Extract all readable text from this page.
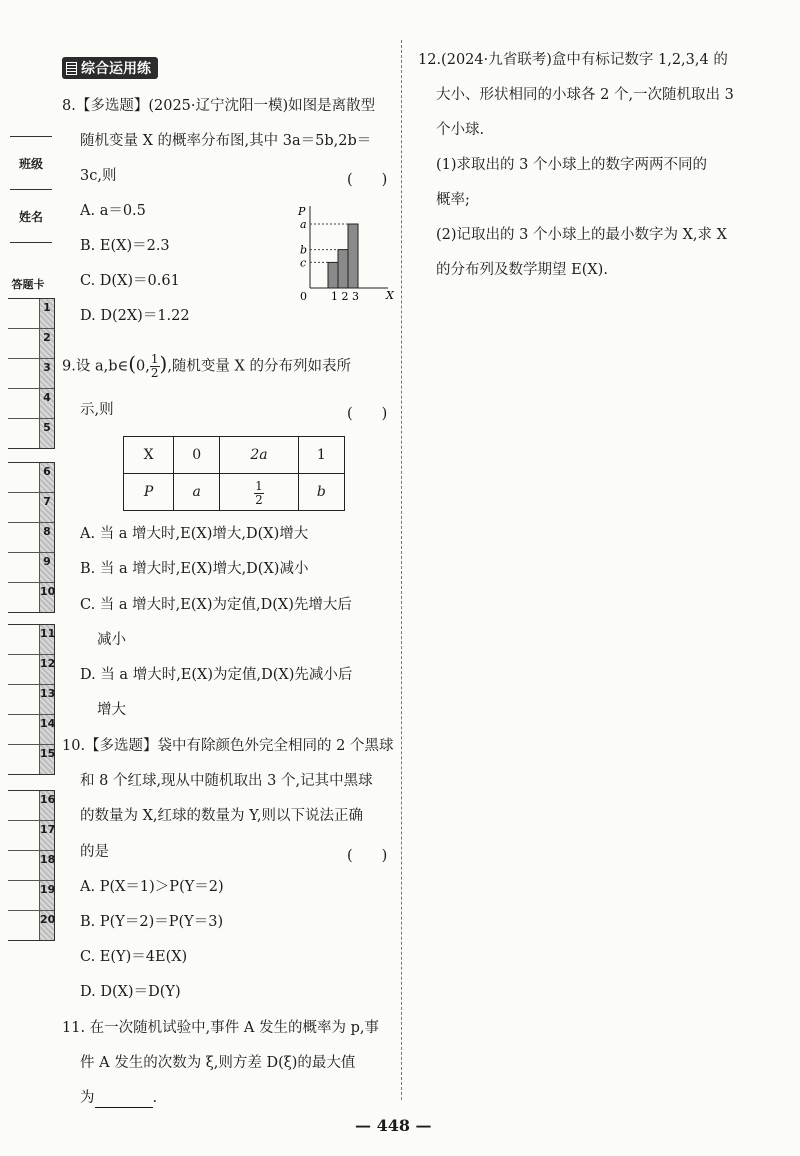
班级
姓名
答题卡
1
2
3
4
5
6
7
8
9
10
11
12
13
14
15
16
17
18
19
20
综合运用练
8.【多选题】(2025·辽宁沈阳一模)如图是离散型
随机变量 X 的概率分布图,其中 3a＝5b,2b＝
3c,则	(　　)
A. a＝0.5
B. E(X)＝2.3
C. D(X)＝0.61
D. D(2X)＝1.22
a
b
c
P
X
0 1 2 3
9.设 a,b∈(0, $\frac{1}{2}$ ),随机变量 X 的分布列如表所
示,则	(　　)
X	0	2a	1
P	a	$\frac{1}{2}$	b
A. 当 a 增大时,E(X)增大,D(X)增大
B. 当 a 增大时,E(X)增大,D(X)减小
C. 当 a 增大时,E(X)为定值,D(X)先增大后
减小
D. 当 a 增大时,E(X)为定值,D(X)先减小后
增大
10.【多选题】袋中有除颜色外完全相同的 2 个黑球
和 8 个红球,现从中随机取出 3 个,记其中黑球
的数量为 X,红球的数量为 Y,则以下说法正确
的是	(　　)
A. P(X＝1)＞P(Y＝2)
B. P(Y＝2)＝P(Y＝3)
C. E(Y)＝4E(X)
D. D(X)＝D(Y)
11. 在一次随机试验中,事件 A 发生的概率为 p,事
件 A 发生的次数为 ξ,则方差 D(ξ)的最大值
为	.
12.(2024·九省联考)盒中有标记数字 1,2,3,4 的
大小、形状相同的小球各 2 个,一次随机取出 3
个小球.
(1)求取出的 3 个小球上的数字两两不同的
概率;
(2)记取出的 3 个小球上的最小数字为 X,求 X
的分布列及数学期望 E(X).
— 448 —
